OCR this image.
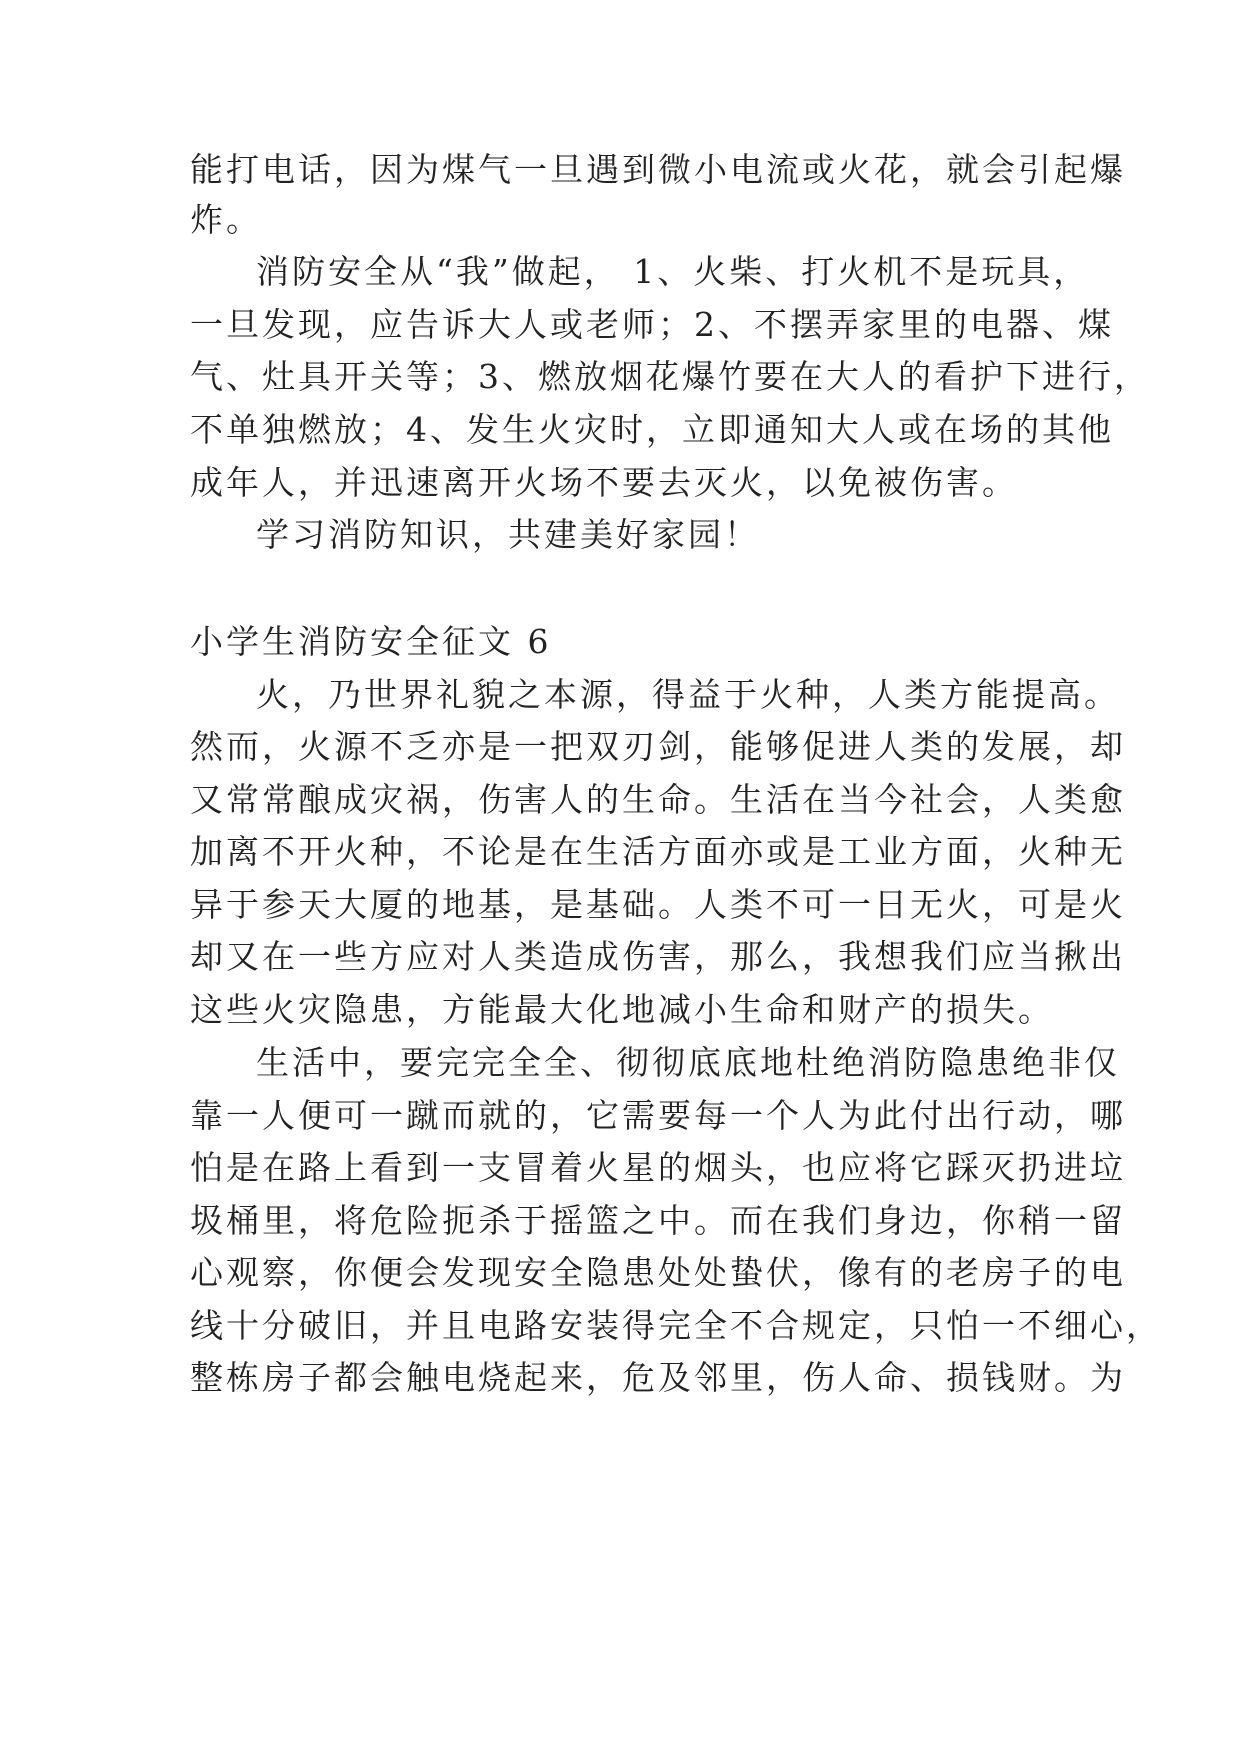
能打电话，因为煤气一旦遇到微小电流或火花，就会引起爆
炸。
消防安全从“我”做起， 1、火柴、打火机不是玩具，
一旦发现，应告诉大人或老师；2、不摆弄家里的电器、煤
气、灶具开关等；3、燃放烟花爆竹要在大人的看护下进行，
不单独燃放；4、发生火灾时，立即通知大人或在场的其他
成年人，并迅速离开火场不要去灭火，以免被伤害。
学习消防知识，共建美好家园！
小学生消防安全征文 6
火，乃世界礼貌之本源，得益于火种，人类方能提高。
然而，火源不乏亦是一把双刃剑，能够促进人类的发展，却
又常常酿成灾祸，伤害人的生命。生活在当今社会，人类愈
加离不开火种，不论是在生活方面亦或是工业方面，火种无
异于参天大厦的地基，是基础。人类不可一日无火，可是火
却又在一些方应对人类造成伤害，那么，我想我们应当揪出
这些火灾隐患，方能最大化地减小生命和财产的损失。
生活中，要完完全全、彻彻底底地杜绝消防隐患绝非仅
靠一人便可一蹴而就的，它需要每一个人为此付出行动，哪
怕是在路上看到一支冒着火星的烟头，也应将它踩灭扔进垃
圾桶里，将危险扼杀于摇篮之中。而在我们身边，你稍一留
心观察，你便会发现安全隐患处处蛰伏，像有的老房子的电
线十分破旧，并且电路安装得完全不合规定，只怕一不细心，
整栋房子都会触电烧起来，危及邻里，伤人命、损钱财。为
